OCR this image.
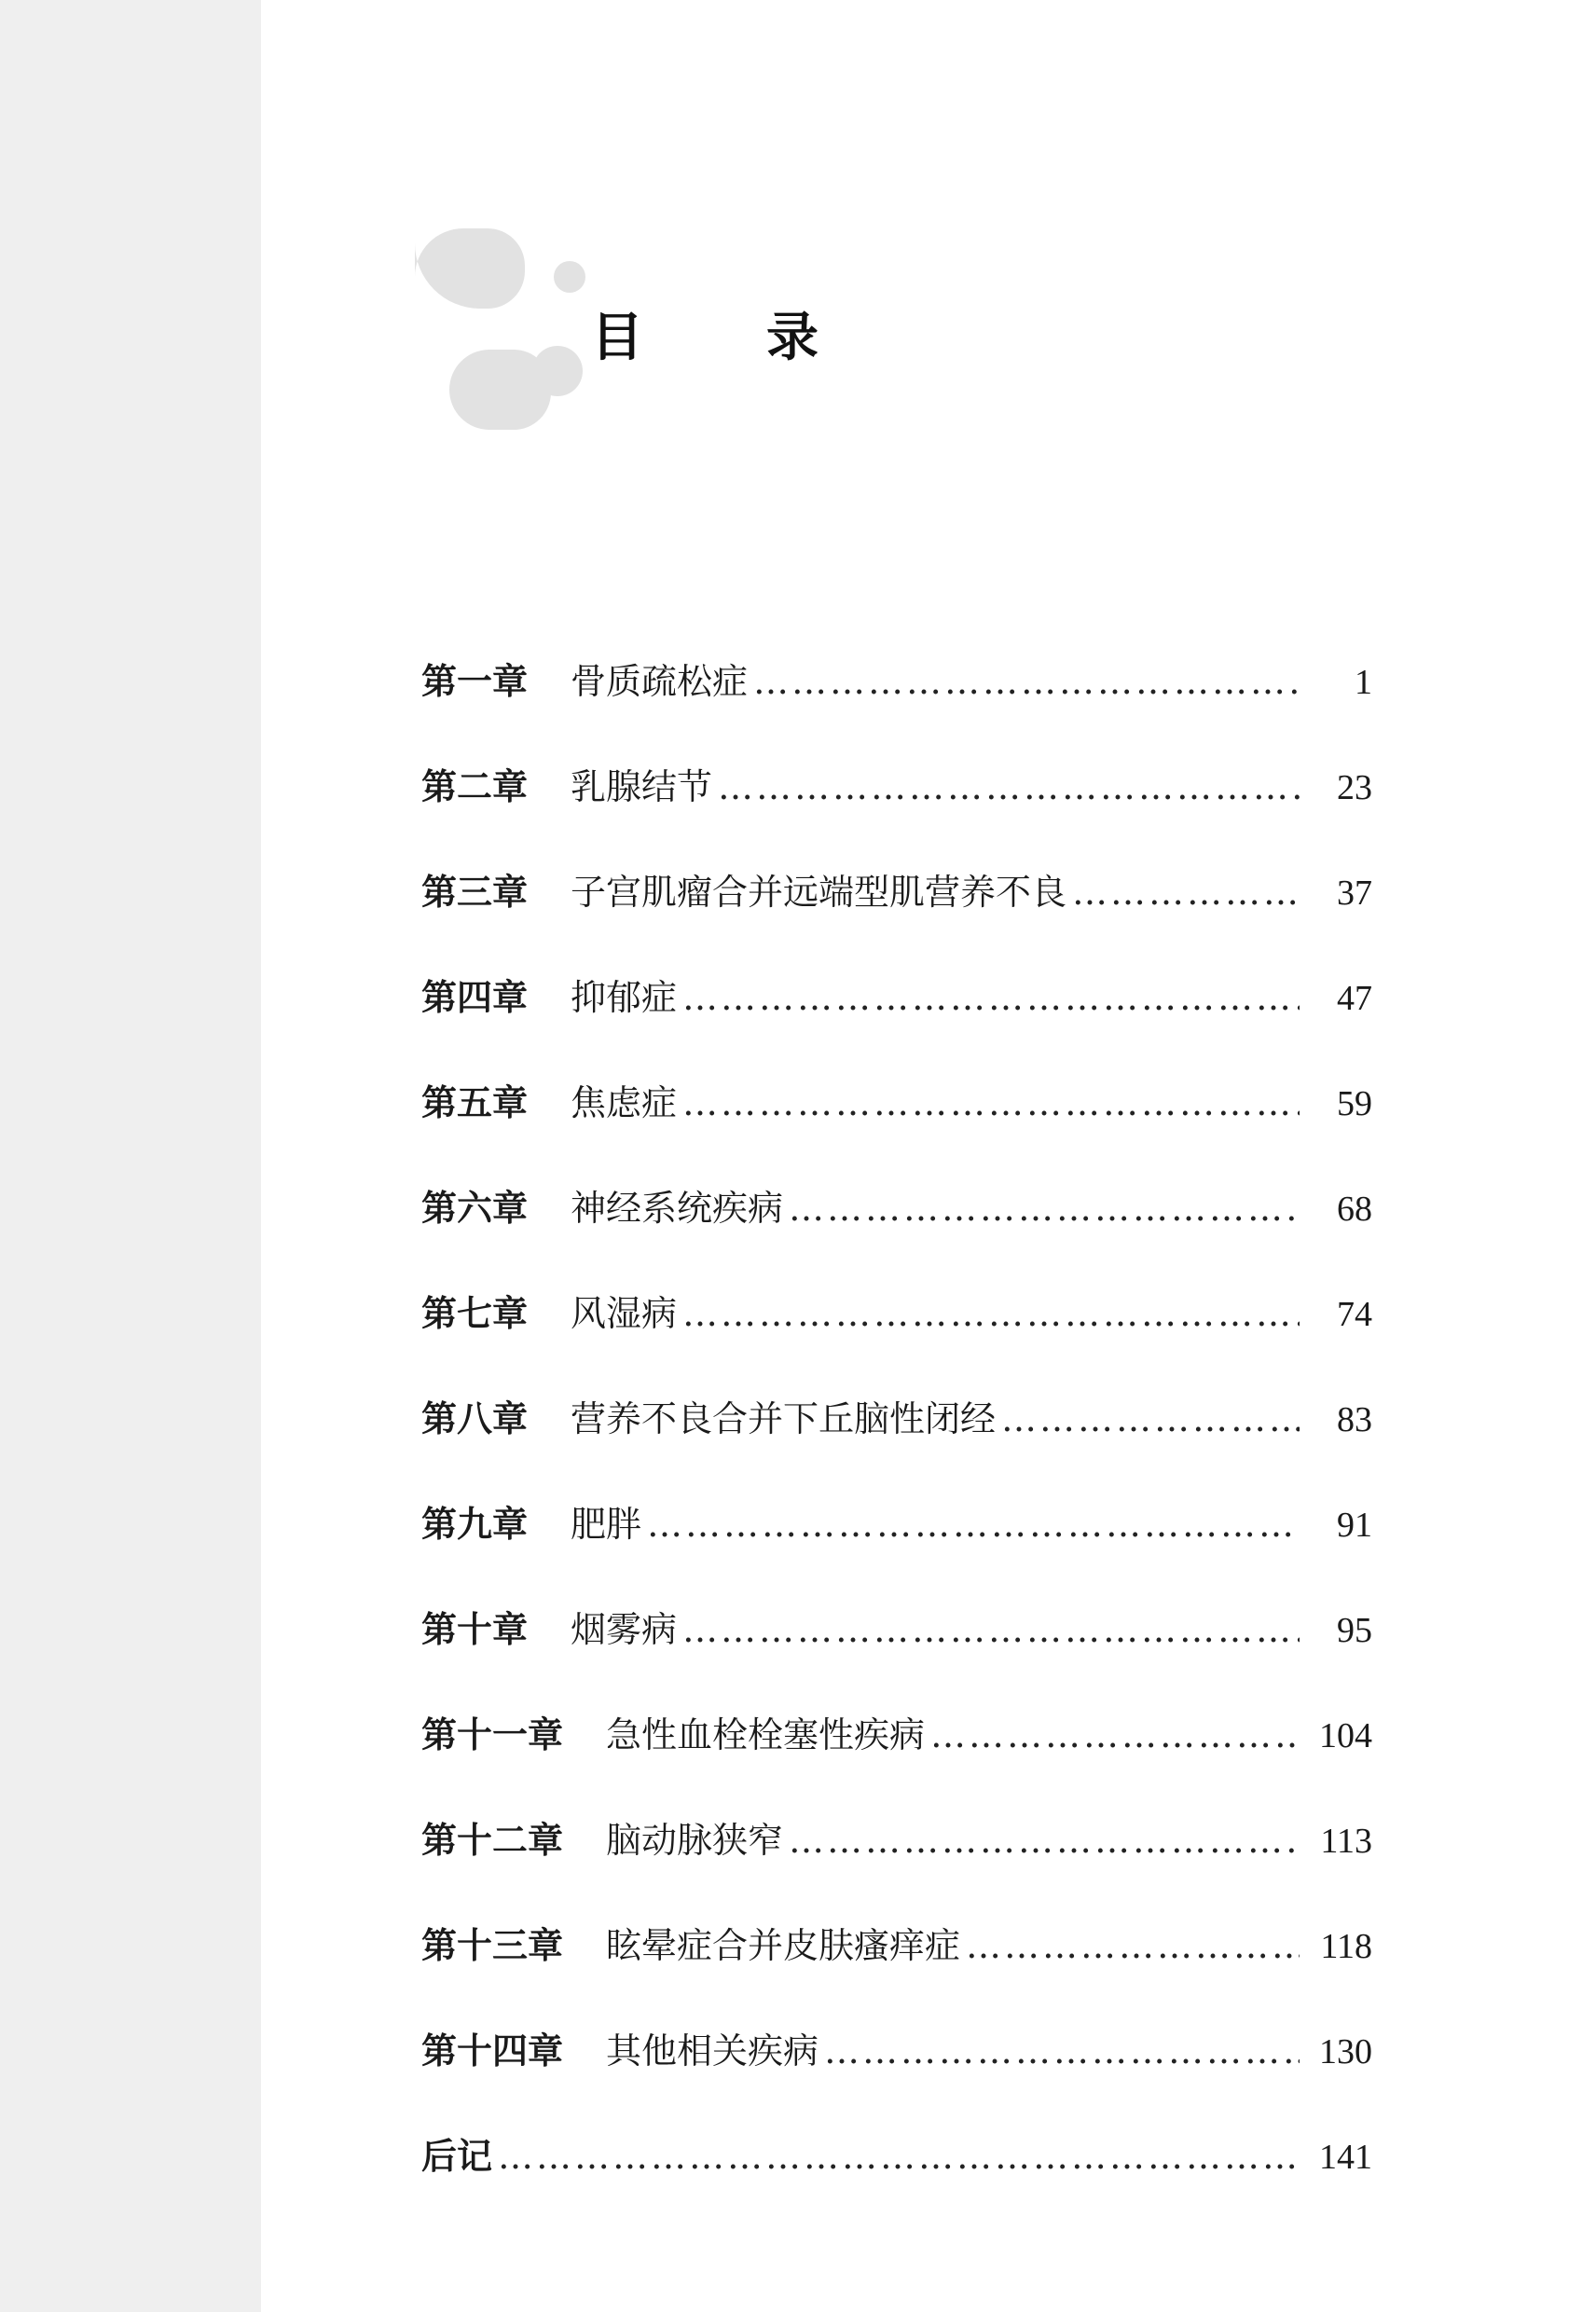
目　录
第一章 骨质疏松症 ……………………………………………………………………………………………………………………………………	1
第二章 乳腺结节 ……………………………………………………………………………………………………………………………………	23
第三章 子宫肌瘤合并远端型肌营养不良 ……………………………………………………………………………………………………………………………………	37
第四章 抑郁症 ……………………………………………………………………………………………………………………………………	47
第五章 焦虑症 ……………………………………………………………………………………………………………………………………	59
第六章 神经系统疾病 ……………………………………………………………………………………………………………………………………	68
第七章 风湿病 ……………………………………………………………………………………………………………………………………	74
第八章 营养不良合并下丘脑性闭经 ……………………………………………………………………………………………………………………………………	83
第九章 肥胖 ……………………………………………………………………………………………………………………………………	91
第十章 烟雾病 ……………………………………………………………………………………………………………………………………	95
第十一章 急性血栓栓塞性疾病 ……………………………………………………………………………………………………………………………………	104
第十二章 脑动脉狭窄 ……………………………………………………………………………………………………………………………………	113
第十三章 眩晕症合并皮肤瘙痒症 ……………………………………………………………………………………………………………………………………	118
第十四章 其他相关疾病 ……………………………………………………………………………………………………………………………………	130
后记 ……………………………………………………………………………………………………………………………………	141
